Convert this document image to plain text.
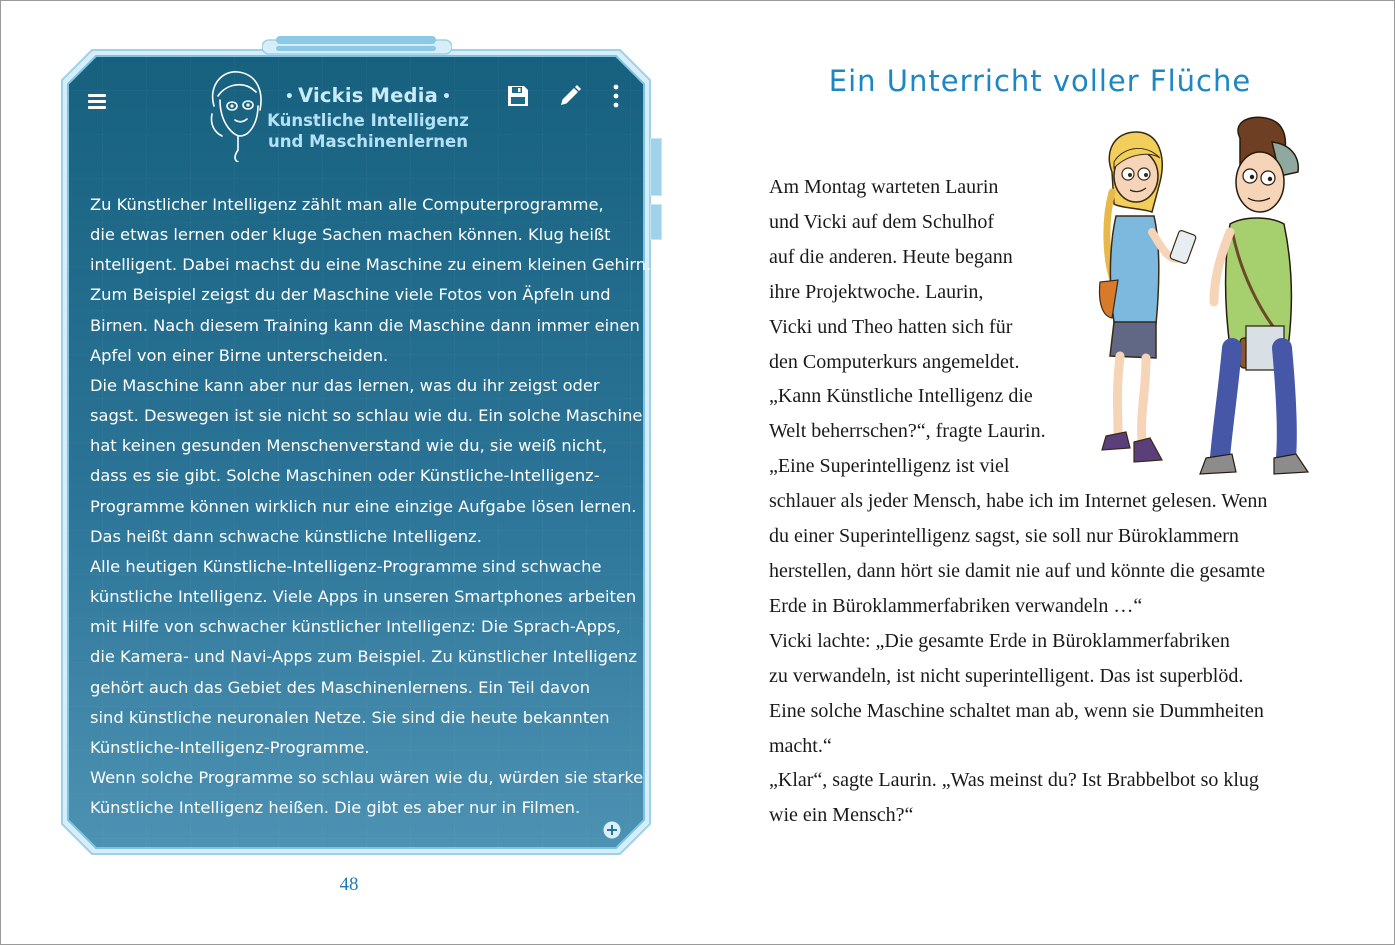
• Vickis Media •
Künstliche Intelligenz
und Maschinenlernen

Zu Künstlicher Intelligenz zählt man alle Computerprogramme,

die etwas lernen oder kluge Sachen machen können. Klug heißt

intelligent. Dabei machst du eine Maschine zu einem kleinen Gehirn.

Zum Beispiel zeigst du der Maschine viele Fotos von Äpfeln und

Birnen. Nach diesem Training kann die Maschine dann immer einen

Apfel von einer Birne unterscheiden.

Die Maschine kann aber nur das lernen, was du ihr zeigst oder

sagst. Deswegen ist sie nicht so schlau wie du. Ein solche Maschine

hat keinen gesunden Menschenverstand wie du, sie weiß nicht,

dass es sie gibt. Solche Maschinen oder Künstliche-Intelligenz-

Programme können wirklich nur eine einzige Aufgabe lösen lernen.

Das heißt dann schwache künstliche Intelligenz.

Alle heutigen Künstliche-Intelligenz-Programme sind schwache

künstliche Intelligenz. Viele Apps in unseren Smartphones arbeiten

mit Hilfe von schwacher künstlicher Intelligenz: Die Sprach-Apps,

die Kamera- und Navi-Apps zum Beispiel. Zu künstlicher Intelligenz

gehört auch das Gebiet des Maschinenlernens. Ein Teil davon

sind künstliche neuronalen Netze. Sie sind die heute bekannten

Künstliche-Intelligenz-Programme.

Wenn solche Programme so schlau wären wie du, würden sie starke

Künstliche Intelligenz heißen. Die gibt es aber nur in Filmen.

48
Ein Unterricht voller Flüche

Am Montag warteten Laurin

und Vicki auf dem Schulhof

auf die anderen. Heute begann

ihre Projektwoche. Laurin,

Vicki und Theo hatten sich für

den Computerkurs angemeldet.

„Kann Künstliche Intelligenz die

Welt beherrschen?“, fragte Laurin.

„Eine Superintelligenz ist viel

schlauer als jeder Mensch, habe ich im Internet gelesen. Wenn

du einer Superintelligenz sagst, sie soll nur Büroklammern

herstellen, dann hört sie damit nie auf und könnte die gesamte

Erde in Büroklammerfabriken verwandeln …“

Vicki lachte: „Die gesamte Erde in Büroklammerfabriken

zu verwandeln, ist nicht superintelligent. Das ist superblöd.

Eine solche Maschine schaltet man ab, wenn sie Dummheiten

macht.“

„Klar“, sagte Laurin. „Was meinst du? Ist Brabbelbot so klug

wie ein Mensch?“
